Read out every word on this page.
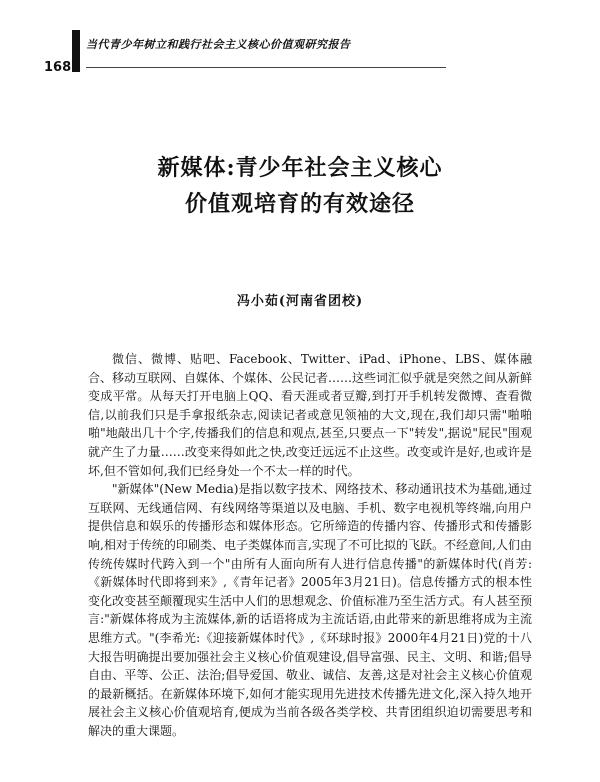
当代青少年树立和践行社会主义核心价值观研究报告
168
新媒体:青少年社会主义核心
价值观培育的有效途径
冯小茹(河南省团校)

微信、微博、贴吧、Facebook、Twitter、iPad、iPhone、LBS、媒体融合、移动互联网、自媒体、个媒体、公民记者……这些词汇似乎就是突然之间从新鲜变成平常。从每天打开电脑上QQ、看天涯或者豆瓣,到打开手机转发微博、查看微信,以前我们只是手拿报纸杂志,阅读记者或意见领袖的大文,现在,我们却只需"啪啪啪"地敲出几十个字,传播我们的信息和观点,甚至,只要点一下"转发",据说"屁民"围观就产生了力量……改变来得如此之快,改变迁远远不止这些。改变或许是好,也或许是坏,但不管如何,我们已经身处一个不太一样的时代。

"新媒体"(New Media)是指以数字技术、网络技术、移动通讯技术为基础,通过互联网、无线通信网、有线网络等渠道以及电脑、手机、数字电视机等终端,向用户提供信息和娱乐的传播形态和媒体形态。它所缔造的传播内容、传播形式和传播影响,相对于传统的印刷类、电子类媒体而言,实现了不可比拟的飞跃。不经意间,人们由传统传媒时代跨入到一个"由所有人面向所有人进行信息传播"的新媒体时代(肖芳:《新媒体时代即将到来》,《青年记者》2005年3月21日)。信息传播方式的根本性变化改变甚至颠覆现实生活中人们的思想观念、价值标准乃至生活方式。有人甚至预言:"新媒体将成为主流媒体,新的话语将成为主流话语,由此带来的新思维将成为主流思维方式。"(李希光:《迎接新媒体时代》,《环球时报》2000年4月21日)党的十八大报告明确提出要加强社会主义核心价值观建设,倡导富强、民主、文明、和谐;倡导自由、平等、公正、法治;倡导爱国、敬业、诚信、友善,这是对社会主义核心价值观的最新概括。在新媒体环境下,如何才能实现用先进技术传播先进文化,深入持久地开展社会主义核心价值观培育,便成为当前各级各类学校、共青团组织迫切需要思考和解决的重大课题。
